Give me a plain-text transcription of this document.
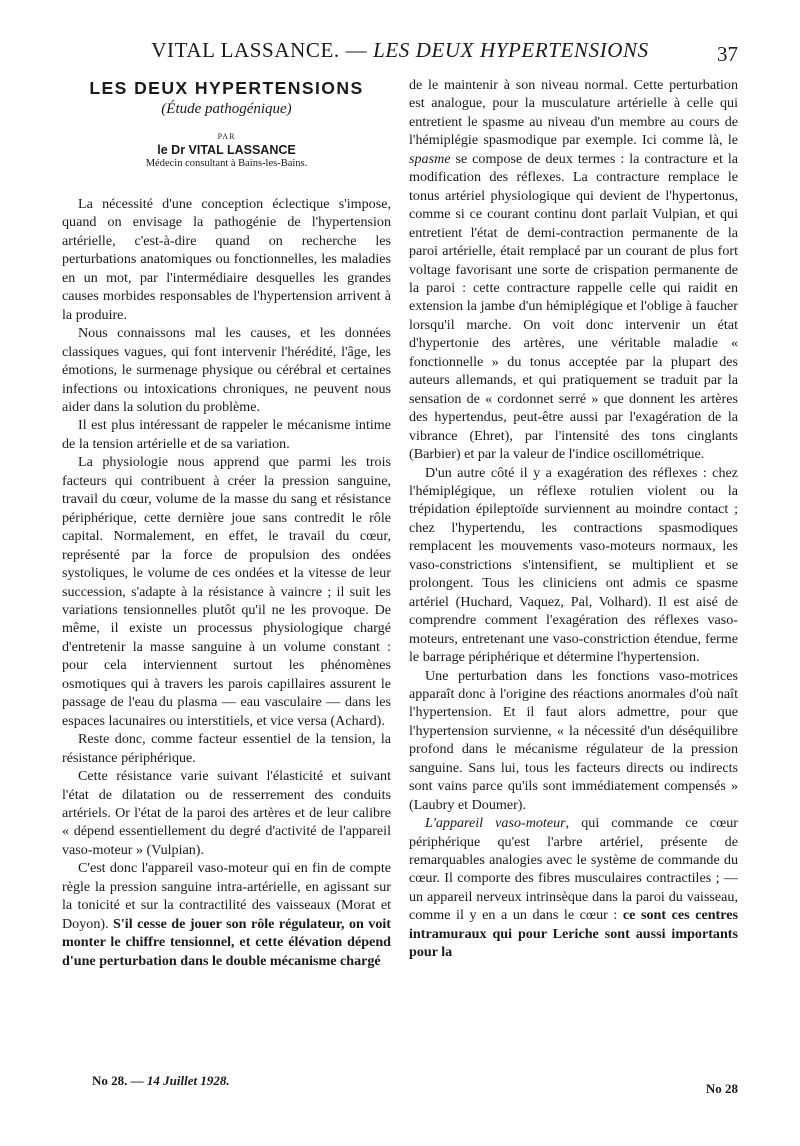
VITAL LASSANCE. — LES DEUX HYPERTENSIONS	37
LES DEUX HYPERTENSIONS
(Étude pathogénique)
PAR
le Dr VITAL LASSANCE
Médecin consultant à Bains-les-Bains.

La nécessité d'une conception éclectique s'impose, quand on envisage la pathogénie de l'hypertension artérielle, c'est-à-dire quand on recherche les perturbations anatomiques ou fonctionnelles, les maladies en un mot, par l'intermédiaire desquelles les grandes causes morbides responsables de l'hypertension arrivent à la produire.

Nous connaissons mal les causes, et les données classiques vagues, qui font intervenir l'hérédité, l'âge, les émotions, le surmenage physique ou cérébral et certaines infections ou intoxications chroniques, ne peuvent nous aider dans la solution du problème.

Il est plus intéressant de rappeler le mécanisme intime de la tension artérielle et de sa variation.

La physiologie nous apprend que parmi les trois facteurs qui contribuent à créer la pression sanguine, travail du cœur, volume de la masse du sang et résistance périphérique, cette dernière joue sans contredit le rôle capital. Normalement, en effet, le travail du cœur, représenté par la force de propulsion des ondées systoliques, le volume de ces ondées et la vitesse de leur succession, s'adapte à la résistance à vaincre ; il suit les variations tensionnelles plutôt qu'il ne les provoque. De même, il existe un processus physiologique chargé d'entretenir la masse sanguine à un volume constant : pour cela interviennent surtout les phénomènes osmotiques qui à travers les parois capillaires assurent le passage de l'eau du plasma — eau vasculaire — dans les espaces lacunaires ou interstitiels, et vice versa (Achard).

Reste donc, comme facteur essentiel de la tension, la résistance périphérique.

Cette résistance varie suivant l'élasticité et suivant l'état de dilatation ou de resserrement des conduits artériels. Or l'état de la paroi des artères et de leur calibre « dépend essentiellement du degré d'activité de l'appareil vaso-moteur » (Vulpian).

C'est donc l'appareil vaso-moteur qui en fin de compte règle la pression sanguine intra-artérielle, en agissant sur la tonicité et sur la contractilité des vaisseaux (Morat et Doyon). S'il cesse de jouer son rôle régulateur, on voit monter le chiffre tensionnel, et cette élévation dépend d'une perturbation dans le double mécanisme chargé

de le maintenir à son niveau normal. Cette perturbation est analogue, pour la musculature artérielle à celle qui entretient le spasme au niveau d'un membre au cours de l'hémiplégie spasmodique par exemple. Ici comme là, le spasme se compose de deux termes : la contracture et la modification des réflexes. La contracture remplace le tonus artériel physiologique qui devient de l'hypertonus, comme si ce courant continu dont parlait Vulpian, et qui entretient l'état de demi-contraction permanente de la paroi artérielle, était remplacé par un courant de plus fort voltage favorisant une sorte de crispation permanente de la paroi : cette contracture rappelle celle qui raidit en extension la jambe d'un hémiplégique et l'oblige à faucher lorsqu'il marche. On voit donc intervenir un état d'hypertonie des artères, une véritable maladie « fonctionnelle » du tonus acceptée par la plupart des auteurs allemands, et qui pratiquement se traduit par la sensation de « cordonnet serré » que donnent les artères des hypertendus, peut-être aussi par l'exagération de la vibrance (Ehret), par l'intensité des tons cinglants (Barbier) et par la valeur de l'indice oscillométrique.

D'un autre côté il y a exagération des réflexes : chez l'hémiplégique, un réflexe rotulien violent ou la trépidation épileptoïde surviennent au moindre contact ; chez l'hypertendu, les contractions spasmodiques remplacent les mouvements vaso-moteurs normaux, les vaso-constrictions s'intensifient, se multiplient et se prolongent. Tous les cliniciens ont admis ce spasme artériel (Huchard, Vaquez, Pal, Volhard). Il est aisé de comprendre comment l'exagération des réflexes vaso-moteurs, entretenant une vaso-constriction étendue, ferme le barrage périphérique et détermine l'hypertension.

Une perturbation dans les fonctions vaso-motrices apparaît donc à l'origine des réactions anormales d'où naît l'hypertension. Et il faut alors admettre, pour que l'hypertension survienne, « la nécessité d'un déséquilibre profond dans le mécanisme régulateur de la pression sanguine. Sans lui, tous les facteurs directs ou indirects sont vains parce qu'ils sont immédiatement compensés » (Laubry et Doumer).

L'appareil vaso-moteur, qui commande ce cœur périphérique qu'est l'arbre artériel, présente de remarquables analogies avec le système de commande du cœur. Il comporte des fibres musculaires contractiles ; — un appareil nerveux intrinsèque dans la paroi du vaisseau, comme il y en a un dans le cœur : ce sont ces centres intramuraux qui pour Leriche sont aussi importants pour la

No 28. — 14 Juillet 1928.
No 28
